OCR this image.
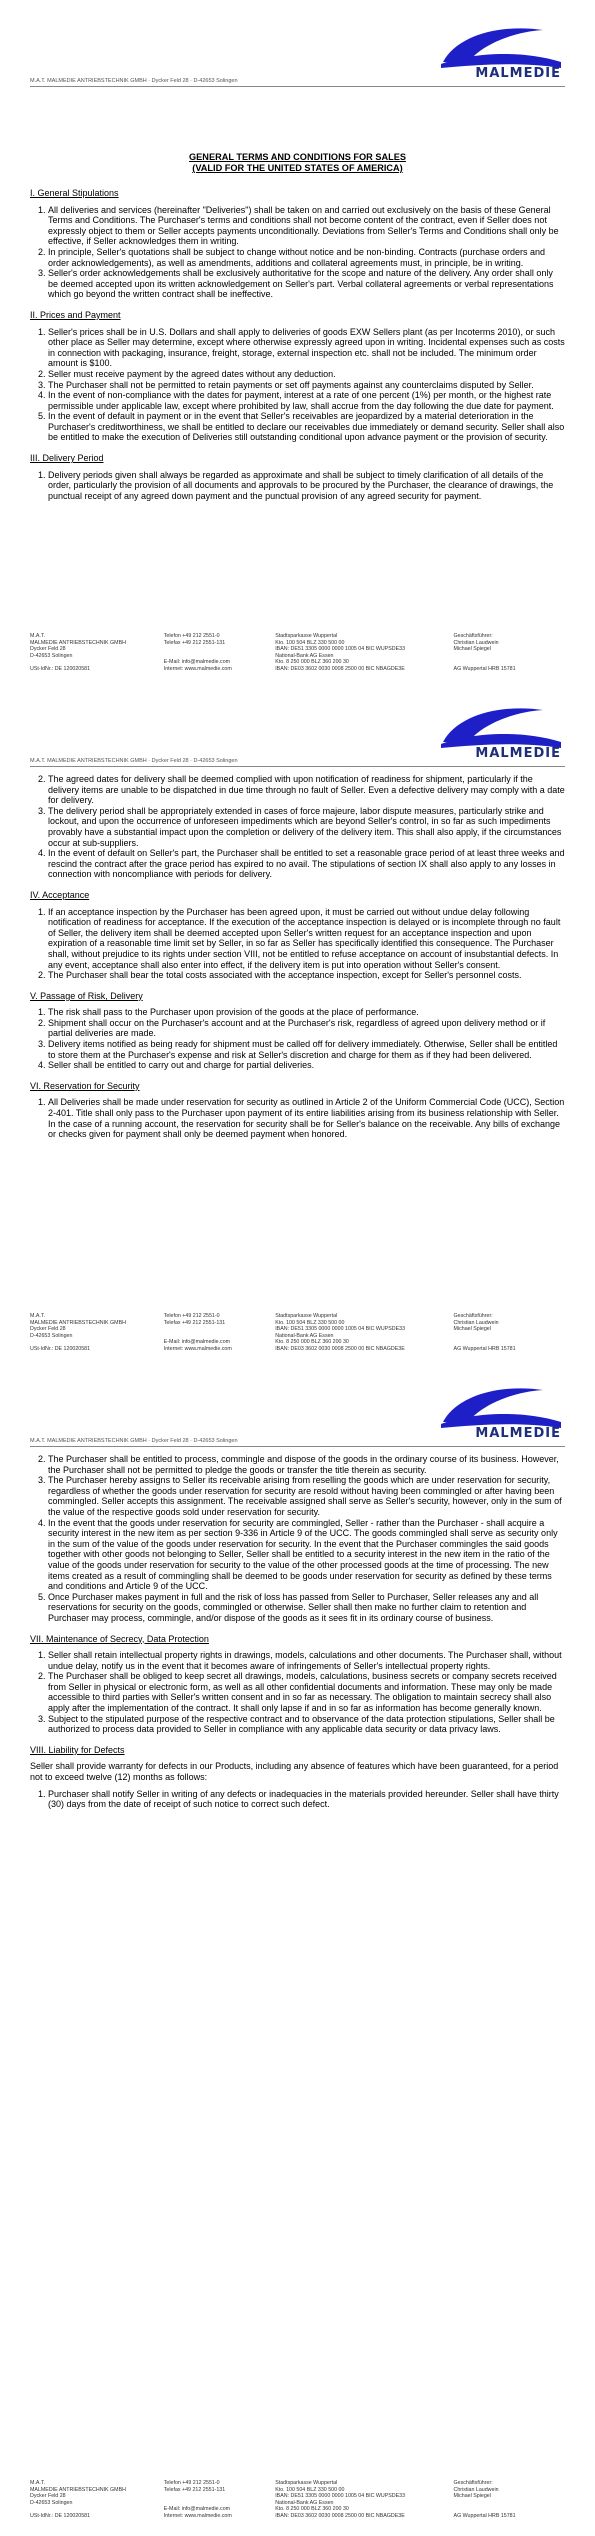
MALMEDIE
M.A.T. MALMEDIE ANTRIEBSTECHNIK GMBH · Dycker Feld 28 · D-42653 Solingen
GENERAL TERMS AND CONDITIONS FOR SALES
(VALID FOR THE UNITED STATES OF AMERICA)
I. General Stipulations
1. All deliveries and services (hereinafter "Deliveries") shall be taken on and carried out exclusively on the basis of these General Terms and Conditions. The Purchaser's terms and conditions shall not become content of the contract, even if Seller does not expressly object to them or Seller accepts payments unconditionally. Deviations from Seller's Terms and Conditions shall only be effective, if Seller acknowledges them in writing.
2. In principle, Seller's quotations shall be subject to change without notice and be non-binding. Contracts (purchase orders and order acknowledgements), as well as amendments, additions and collateral agreements must, in principle, be in writing.
3. Seller's order acknowledgements shall be exclusively authoritative for the scope and nature of the delivery. Any order shall only be deemed accepted upon its written acknowledgement on Seller's part. Verbal collateral agreements or verbal representations which go beyond the written contract shall be ineffective.
II. Prices and Payment
1. Seller's prices shall be in U.S. Dollars and shall apply to deliveries of goods EXW Sellers plant (as per Incoterms 2010), or such other place as Seller may determine, except where otherwise expressly agreed upon in writing. Incidental expenses such as costs in connection with packaging, insurance, freight, storage, external inspection etc. shall not be included. The minimum order amount is $100.
2. Seller must receive payment by the agreed dates without any deduction.
3. The Purchaser shall not be permitted to retain payments or set off payments against any counterclaims disputed by Seller.
4. In the event of non-compliance with the dates for payment, interest at a rate of one percent (1%) per month, or the highest rate permissible under applicable law, except where prohibited by law, shall accrue from the day following the due date for payment.
5. In the event of default in payment or in the event that Seller's receivables are jeopardized by a material deterioration in the Purchaser's creditworthiness, we shall be entitled to declare our receivables due immediately or demand security. Seller shall also be entitled to make the execution of Deliveries still outstanding conditional upon advance payment or the provision of security.
III. Delivery Period
1. Delivery periods given shall always be regarded as approximate and shall be subject to timely clarification of all details of the order, particularly the provision of all documents and approvals to be procured by the Purchaser, the clearance of drawings, the punctual receipt of any agreed down payment and the punctual provision of any agreed security for payment.
M.A.T.
MALMEDIE ANTRIEBSTECHNIK GMBH
Dycker Feld 28
D-42653 Solingen

USt-IdNr.: DE 120020581
Telefon +49 212 2551-0
Telefax +49 212 2551-131

E-Mail: info@malmedie.com
Internet: www.malmedie.com
Stadtsparkasse Wuppertal
Kto. 100 504 BLZ 330 500 00
IBAN: DE51 3305 0000 0000 1005 04 BIC WUPSDE33
National-Bank AG Essen
Kto. 8 250 000 BLZ 360 200 30
IBAN: DE03 3602 0030 0008 2500 00 BIC NBAGDE3E
Geschäftsführer:
Christian Laudwein
Michael Spiegel

AG Wuppertal HRB 15781
MALMEDIE
M.A.T. MALMEDIE ANTRIEBSTECHNIK GMBH · Dycker Feld 28 · D-42653 Solingen
2. The agreed dates for delivery shall be deemed complied with upon notification of readiness for shipment, particularly if the delivery items are unable to be dispatched in due time through no fault of Seller. Even a defective delivery may comply with a date for delivery.
3. The delivery period shall be appropriately extended in cases of force majeure, labor dispute measures, particularly strike and lockout, and upon the occurrence of unforeseen impediments which are beyond Seller's control, in so far as such impediments provably have a substantial impact upon the completion or delivery of the delivery item. This shall also apply, if the circumstances occur at sub-suppliers.
4. In the event of default on Seller's part, the Purchaser shall be entitled to set a reasonable grace period of at least three weeks and rescind the contract after the grace period has expired to no avail. The stipulations of section IX shall also apply to any losses in connection with noncompliance with periods for delivery.
IV. Acceptance
1. If an acceptance inspection by the Purchaser has been agreed upon, it must be carried out without undue delay following notification of readiness for acceptance. If the execution of the acceptance inspection is delayed or is incomplete through no fault of Seller, the delivery item shall be deemed accepted upon Seller's written request for an acceptance inspection and upon expiration of a reasonable time limit set by Seller, in so far as Seller has specifically identified this consequence. The Purchaser shall, without prejudice to its rights under section VIII, not be entitled to refuse acceptance on account of insubstantial defects. In any event, acceptance shall also enter into effect, if the delivery item is put into operation without Seller's consent.
2. The Purchaser shall bear the total costs associated with the acceptance inspection, except for Seller's personnel costs.
V. Passage of Risk, Delivery
1. The risk shall pass to the Purchaser upon provision of the goods at the place of performance.
2. Shipment shall occur on the Purchaser's account and at the Purchaser's risk, regardless of agreed upon delivery method or if partial deliveries are made.
3. Delivery items notified as being ready for shipment must be called off for delivery immediately. Otherwise, Seller shall be entitled to store them at the Purchaser's expense and risk at Seller's discretion and charge for them as if they had been delivered.
4. Seller shall be entitled to carry out and charge for partial deliveries.
VI. Reservation for Security
1. All Deliveries shall be made under reservation for security as outlined in Article 2 of the Uniform Commercial Code (UCC), Section 2-401. Title shall only pass to the Purchaser upon payment of its entire liabilities arising from its business relationship with Seller. In the case of a running account, the reservation for security shall be for Seller's balance on the receivable. Any bills of exchange or checks given for payment shall only be deemed payment when honored.
M.A.T.
MALMEDIE ANTRIEBSTECHNIK GMBH
Dycker Feld 28
D-42653 Solingen

USt-IdNr.: DE 120020581
Telefon +49 212 2551-0
Telefax +49 212 2551-131

E-Mail: info@malmedie.com
Internet: www.malmedie.com
Stadtsparkasse Wuppertal
Kto. 100 504 BLZ 330 500 00
IBAN: DE51 3305 0000 0000 1005 04 BIC WUPSDE33
National-Bank AG Essen
Kto. 8 250 000 BLZ 360 200 30
IBAN: DE03 3602 0030 0008 2500 00 BIC NBAGDE3E
Geschäftsführer:
Christian Laudwein
Michael Spiegel

AG Wuppertal HRB 15781
MALMEDIE
M.A.T. MALMEDIE ANTRIEBSTECHNIK GMBH · Dycker Feld 28 · D-42653 Solingen
2. The Purchaser shall be entitled to process, commingle and dispose of the goods in the ordinary course of its business. However, the Purchaser shall not be permitted to pledge the goods or transfer the title therein as security.
3. The Purchaser hereby assigns to Seller its receivable arising from reselling the goods which are under reservation for security, regardless of whether the goods under reservation for security are resold without having been commingled or after having been commingled. Seller accepts this assignment. The receivable assigned shall serve as Seller's security, however, only in the sum of the value of the respective goods sold under reservation for security.
4. In the event that the goods under reservation for security are commingled, Seller - rather than the Purchaser - shall acquire a security interest in the new item as per section 9-336 in Article 9 of the UCC. The goods commingled shall serve as security only in the sum of the value of the goods under reservation for security. In the event that the Purchaser commingles the said goods together with other goods not belonging to Seller, Seller shall be entitled to a security interest in the new item in the ratio of the value of the goods under reservation for security to the value of the other processed goods at the time of processing. The new items created as a result of commingling shall be deemed to be goods under reservation for security as defined by these terms and conditions and Article 9 of the UCC.
5. Once Purchaser makes payment in full and the risk of loss has passed from Seller to Purchaser, Seller releases any and all reservations for security on the goods, commingled or otherwise. Seller shall then make no further claim to retention and Purchaser may process, commingle, and/or dispose of the goods as it sees fit in its ordinary course of business.
VII. Maintenance of Secrecy, Data Protection
1. Seller shall retain intellectual property rights in drawings, models, calculations and other documents. The Purchaser shall, without undue delay, notify us in the event that it becomes aware of infringements of Seller's intellectual property rights.
2. The Purchaser shall be obliged to keep secret all drawings, models, calculations, business secrets or company secrets received from Seller in physical or electronic form, as well as all other confidential documents and information. These may only be made accessible to third parties with Seller's written consent and in so far as necessary. The obligation to maintain secrecy shall also apply after the implementation of the contract. It shall only lapse if and in so far as information has become generally known.
3. Subject to the stipulated purpose of the respective contract and to observance of the data protection stipulations, Seller shall be authorized to process data provided to Seller in compliance with any applicable data security or data privacy laws.
VIII. Liability for Defects

Seller shall provide warranty for defects in our Products, including any absence of features which have been guaranteed, for a period not to exceed twelve (12) months as follows:

1. Purchaser shall notify Seller in writing of any defects or inadequacies in the materials provided hereunder. Seller shall have thirty (30) days from the date of receipt of such notice to correct such defect.
M.A.T.
MALMEDIE ANTRIEBSTECHNIK GMBH
Dycker Feld 28
D-42653 Solingen

USt-IdNr.: DE 120020581
Telefon +49 212 2551-0
Telefax +49 212 2551-131

E-Mail: info@malmedie.com
Internet: www.malmedie.com
Stadtsparkasse Wuppertal
Kto. 100 504 BLZ 330 500 00
IBAN: DE51 3305 0000 0000 1005 04 BIC WUPSDE33
National-Bank AG Essen
Kto. 8 250 000 BLZ 360 200 30
IBAN: DE03 3602 0030 0008 2500 00 BIC NBAGDE3E
Geschäftsführer:
Christian Laudwein
Michael Spiegel

AG Wuppertal HRB 15781
